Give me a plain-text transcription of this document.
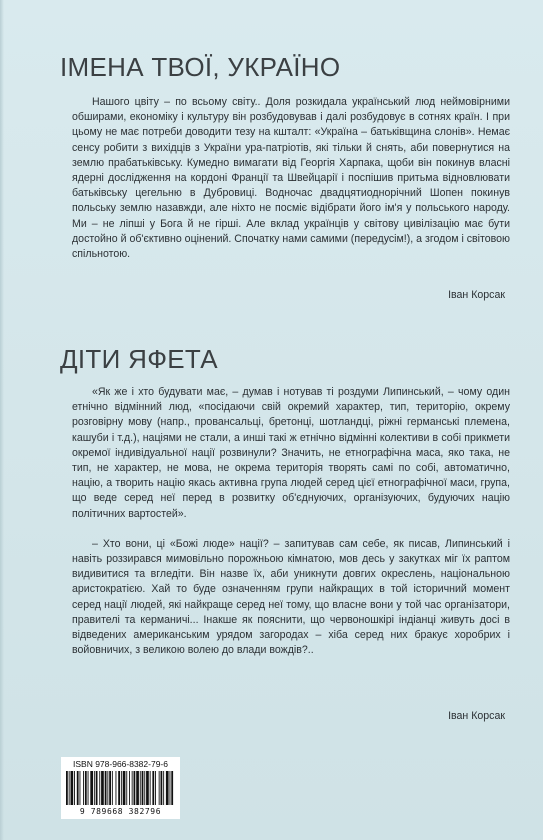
ІМЕНА ТВОЇ, УКРАЇНО

Нашого цвіту – по всьому світу.. Доля розкидала український люд неймовірними обширами, економіку і культуру він розбудовував і далі розбудовує в сотнях країн. І при цьому не має потреби доводити тезу на кшталт: «Україна – батьківщина слонів». Немає сенсу робити з вихідців з України ура-патріотів, які тільки й снять, аби повернутися на землю прабатьківську. Кумедно вимагати від Георгія Харпака, щоби він покинув власні ядерні дослідження на кордоні Франції та Швейцарії і поспішив притьма відновлювати батьківську цегельню в Дубровиці. Водночас двадцятиоднорічний Шопен покинув польську землю назавжди, але ніхто не посміє відібрати його ім'я у польського народу. Ми – не ліпші у Бога й не гірші. Але вклад українців у світову цивілізацію має бути достойно й об'єктивно оцінений. Спочатку нами самими (передусім!), а згодом і світовою спільнотою.

Іван Корсак
ДІТИ ЯФЕТА

«Як же і хто будувати має, – думав і нотував ті роздуми Липинський, – чому один етнічно відмінний люд, «посідаючи свій окремий характер, тип, територію, окрему розговірну мову (напр., провансальці, бретонці, шотландці, ріжні германські племена, кашуби і т.д.), націями не стали, а инші такі ж етнічно відмінні колективи в собі прикмети окремої індивідуальної нації розвинули? Значить, не етнографічна маса, яко така, не тип, не характер, не мова, не окрема територія творять самі по собі, автоматично, націю, а творить націю якась активна група людей серед цієї етнографічної маси, група, що веде серед неї перед в розвитку об'єднуючих, організуючих, будуючих націю політичних вартостей».

– Хто вони, ці «Божі люде» нації? – запитував сам себе, як писав, Липинський і навіть роззирався мимовільно порожньою кімнатою, мов десь у закутках міг їх раптом видивитися та вгледіти. Він назве їх, аби уникнути довгих окреслень, національною аристократією. Хай то буде означенням групи найкращих в той історичний момент серед нації людей, які найкраще серед неї тому, що власне вони у той час організатори, правителі та керманичі... Інакше як пояснити, що червоношкірі індіанці живуть досі в відведених американським урядом загородах – хіба серед них бракує хоробрих і войовничих, з великою волею до влади вождів?..

Іван Корсак
ISBN 978-966-8382-79-6
9 789668 382796
